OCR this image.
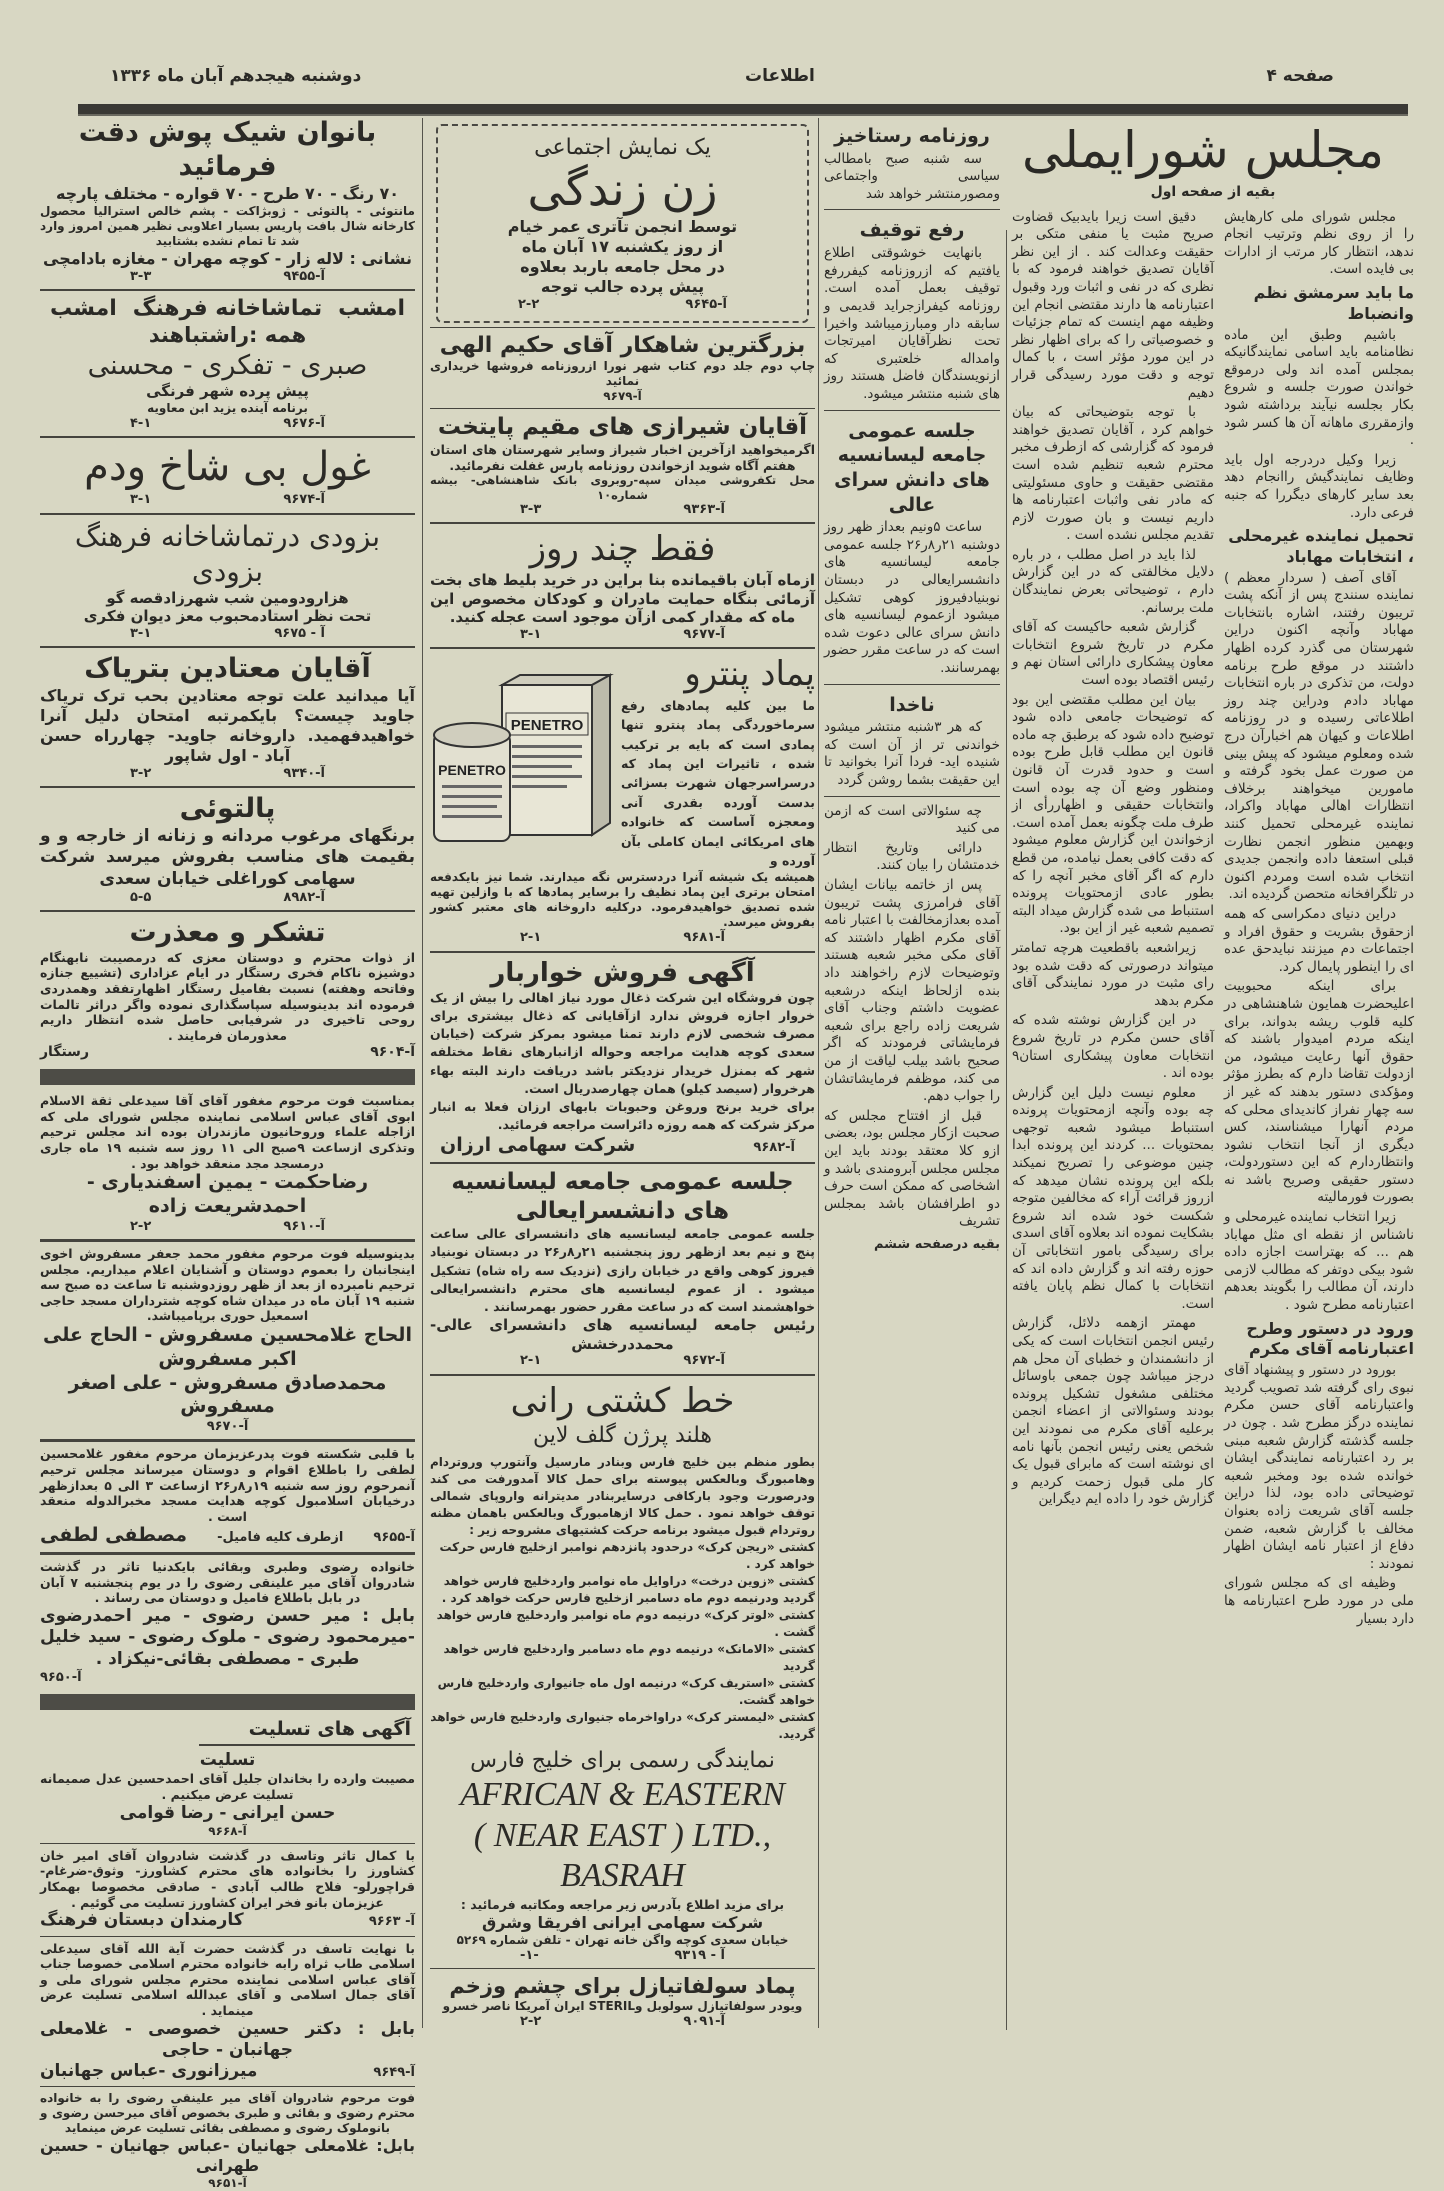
صفحه ۴
اطلاعات
دوشنبه هیجدهم آبان ماه ۱۳۳۶
بانوان شیک پوش دقت فرمائید
۷۰ رنگ - ۷۰ طرح - ۷۰ قواره - مختلف پارچه
مانتوئی - پالتوئی - ژوبژاکت - پشم خالص استرالیا محصول کارخانه شال بافت پاریس بسیار اعلاوبی نظیر همین امروز وارد شد تا تمام نشده بشتابید
نشانی : لاله زار - کوچه مهران - مغازه بادامچی
۳-۳	آ-۹۴۵۵
امشب
تماشاخانه فرهنگ
امشب
همه :راشتباهند
صبری - تفکری - محسنی
پیش پرده شهر فرنگی
برنامه آینده یزید ابن معاویه
۴-۱	آ-۹۶۷۶
غول بی شاخ ودم
۳-۱	آ-۹۶۷۴
بزودی درتماشاخانه فرهنگ بزودی
هزارودومین شب شهرزادقصه گو
تحت نظر استادمحبوب معز دیوان فکری
۳-۱	آ - ۹۶۷۵
آقایان معتادین بتریاک
آیا میدانید علت توجه معتادین بحب ترک تریاک جاوید چیست؟ بایکمرتبه امتحان دلیل آنرا خواهیدفهمید. داروخانه جاوید- چهارراه حسن آباد - اول شاپور
۳-۲	آ-۹۳۴۰
پالتوئی
برنگهای مرغوب مردانه و زنانه از خارجه و و بقیمت های مناسب بفروش میرسد شرکت سهامی کوراغلی خیابان سعدی
۵-۵	آ-۸۹۸۲
تشکر و معذرت
از ذوات محترم و دوستان معزی که درمصیبت نابهنگام دوشیزه ناکام فخری رستگار در ایام عزاداری (تشییع جنازه وفاتحه وهفته) نسبت بفامیل رستگار اظهارتفقد وهمدردی فرموده اند بدینوسیله سپاسگذاری نموده واگر دراثر تالمات روحی تاخیری در شرفیابی حاصل شده انتظار داریم معذورمان فرمایند .
آ-۹۶۰۴
رستگار
بمناسبت فوت مرحوم مغفور آقای آقا سیدعلی ثقة الاسلام ابوی آقای عباس اسلامی نماینده مجلس شورای ملی که ازاجله علماء وروحانیون مازندران بوده اند مجلس ترحیم وتذکری ازساعت ۹صبح الی ۱۱ روز سه شنبه ۱۹ ماه جاری درمسجد مجد منعقد خواهد بود .
رضاحکمت - یمین اسفندیاری - احمدشریعت زاده
۲-۲	آ-۹۶۱۰
بدینوسیله فوت مرحوم مغفور محمد جعفر مسفروش اخوی اینجانبان را بعموم دوستان و آشنایان اعلام میداریم. مجلس ترحیم نامبرده از بعد از ظهر روزدوشنبه تا ساعت ده صبح سه شنبه ۱۹ آبان ماه در میدان شاه کوچه شترداران مسجد حاجی اسمعیل حوری برپامیباشد.
الحاج غلامحسین مسفروش - الحاج علی اکبر مسفروش
محمدصادق مسفروش - علی اصغر مسفروش
آ-۹۶۷۰
با قلبی شکسته فوت پدرعزیزمان مرحوم مغفور غلامحسین لطفی را باطلاع اقوام و دوستان میرساند مجلس ترحیم آنمرحوم روز سه شنبه ۱۹ر۸ر۲۶ ازساعت ۳ الی ۵ بعدازظهر درخیابان اسلامبول کوچه هدایت مسجد مخبرالدوله منعقد است .
آ-۹۶۵۵
ازطرف کلیه فامیل-
مصطفی لطفی
خانواده رضوی وطبری وبقائی بایکدنیا تاثر در گذشت شادروان آقای میر علینقی رضوی را در یوم پنجشنبه ۷ آبان در بابل باطلاع فامیل و دوستان می رساند .
بابل : میر حسن رضوی - میر احمدرضوی -میرمحمود رضوی - ملوک رضوی - سید خلیل طبری - مصطفی بقائی-نیکزاد .
آ-۹۶۵۰
آگهی های تسلیت
تسلیت
مصیبت وارده را بخاندان جلیل آقای احمدحسین عدل صمیمانه تسلیت عرض میکنیم .
حسن ایرانی - رضا قوامی
آ-۹۶۶۸
با کمال تاثر وتاسف در گذشت شادروان آقای امیر خان کشاورز را بخانواده های محترم کشاورز- وثوق-ضرغام- قراچورلو- فلاح طالب آبادی - صادقی مخصوصا بهمکار عزیزمان بانو فخر ایران کشاورز تسلیت می گوئیم .
آ- ۹۶۶۳
کارمندان دبستان فرهنگ
با نهایت تاسف در گذشت حضرت آیة الله آقای سیدعلی اسلامی طاب ثراه رابه خانواده محترم اسلامی خصوصا جناب آقای عباس اسلامی نماینده محترم مجلس شورای ملی و آقای جمال اسلامی و آقای عبدالله اسلامی تسلیت عرض مینماید .
بابل : دکتر حسین خصوصی - غلامعلی جهانبان - حاجی
آ-۹۶۴۹
میرزانوری -عباس جهانبان
فوت مرحوم شادروان آقای میر علینقی رضوی را به خانواده محترم رضوی و بقائی و طبری بخصوص آقای میرحسن رضوی و بانوملوک رضوی و مصطفی بقائی تسلیت عرض مینماید
بابل: غلامعلی جهانیان -عباس جهانیان - حسین طهرانی
آ-۹۶۵۱
یک نمایش اجتماعی
زن زندگی
توسط انجمن تآتری عمر خیام
از روز یکشنبه ۱۷ آبان ماه
در محل جامعه باربد بعلاوه
پیش پرده جالب توجه
۲-۲	آ-۹۶۴۵
بزرگترین شاهکار آقای حکیم الهی
چاپ دوم جلد دوم کتاب شهر نورا ازروزنامه فروشها خریداری نمائید
آ-۹۶۷۹
آقایان شیرازی های مقیم پایتخت
اگرمیخواهید ازآخرین اخبار شیراز وسایر شهرستان های استان هفتم آگاه شوید ازخواندن روزنامه پارس غفلت نفرمائید.
محل تکفروشی میدان سپه-روبروی بانک شاهنشاهی- بیشه شماره۱۰
۳-۳	آ-۹۳۶۳
فقط چند روز
ازماه آبان باقیمانده بنا براین در خرید بلیط های بخت آزمائی بنگاه حمایت مادران و کودکان مخصوص این ماه که مقدار کمی ازآن موجود است عجله کنید.
۳-۱	آ-۹۶۷۷
پماد پنترو
ما بین کلیه پمادهای رفع سرماخوردگی پماد پنترو تنها پمادی است که بایه بر ترکیب شده ، تاثیرات این پماد که درسراسرجهان شهرت بسزائی بدست آورده بقدری آنی ومعجزه آساست که خانواده های امریکائی ایمان کاملی بآن آورده و
PENETRO
PENETRO
همیشه یک شیشه آنرا دردسترس نگه میدارند. شما نیز بایکدفعه امتحان برتری این پماد نظیف را برسایر پمادها که با وازلین تهیه شده تصدیق خواهیدفرمود. درکلیه داروخانه های معتبر کشور بفروش میرسد.
۲-۱	آ-۹۶۸۱
آگهی فروش خواربار
چون فروشگاه این شرکت ذغال مورد نیاز اهالی را بیش از یک خروار اجازه فروش ندارد ازآقایانی که ذغال بیشتری برای مصرف شخصی لازم دارند تمنا میشود بمرکز شرکت (خیابان سعدی کوچه هدایت مراجعه وحواله ازانبارهای نقاط مختلفه شهر که بمنزل خریدار نزدیکتر باشد دریافت دارند البته بهاء هرخروار (سیصد کیلو) همان چهارصدریال است.
برای خرید برنج وروغن وحبوبات بابهای ارزان فعلا به انبار مرکز شرکت که همه روزه دائراست مراجعه فرمائید.
آ-۹۶۸۲
شرکت سهامی ارزان
جلسه عمومی جامعه لیسانسیه های دانشسرایعالی
جلسه عمومی جامعه لیسانسیه های دانشسرای عالی ساعت پنج و نیم بعد ازظهر روز پنجشنبه ۲۱ر۸ر۲۶ در دبستان نوبنیاد فیروز کوهی واقع در خیابان رازی (نزدیک سه راه شاه) تشکیل میشود . از عموم لیسانسیه های محترم دانشسرایعالی خواهشمند است که در ساعت مقرر حضور بهمرسانند .
رئیس جامعه لیسانسیه های دانشسرای عالی-محمددرخشش
۲-۱	آ-۹۶۷۲
خط کشتی رانی
هلند پرژن گلف لاین
بطور منظم بین خلیج فارس وبنادر مارسیل وآنتورپ وروتردام وهامبورگ وبالعکس پیوسته برای حمل کالا آمدورفت می کند ودرصورت وجود بارکافی درسایربنادر مدیترانه واروپای شمالی توقف خواهد نمود . حمل کالا ازهامبورگ وبالعکس باهمان مظنه روتردام قبول میشود برنامه حرکت کشتیهای مشروحه زیر :
کشتی «ریجن کرک» درحدود پانزدهم نوامبر ازخلیج فارس حرکت خواهد کرد .
کشتی «زوین درخت» دراوایل ماه نوامبر واردخلیج فارس خواهد گردید ودرنیمه دوم ماه دسامبر ازخلیج فارس حرکت خواهد کرد .
کشتی «لوتر کرک» درنیمه دوم ماه نوامبر واردخلیج فارس خواهد گشت .
کشتی «الامانک» درنیمه دوم ماه دسامبر واردخلیج فارس خواهد گردید
کشتی «استریف کرک» درنیمه اول ماه جانیواری واردخلیج فارس خواهد گشت.
کشتی «لیمستر کرک» دراواخرماه جنیواری واردخلیج فارس خواهد گردید.
نمایندگی رسمی برای خلیج فارس
AFRICAN & EASTERN
( NEAR EAST ) LTD.,
BASRAH
برای مزید اطلاع بآدرس زیر مراجعه ومکاتبه فرمائید :
شرکت سهامی ایرانی افریقا وشرق
خیابان سعدی کوچه واگن خانه تهران - تلفن شماره ۵۲۶۹
-۱-	آ - ۹۳۱۹
پماد سولفاتیازل برای چشم وزخم
ویودر سولفاتیازل سولوبل وSTERIL ایران آمریکا ناصر خسرو
۲-۲	آ-۹۰۹۱

روزنامه رستاخیز

سه شنبه صبح بامطالب سیاسی واجتماعی ومصورمنتشر خواهد شد

رفع توقیف

بانهایت خوشوقتی اطلاع یافتیم که ازروزنامه کیفررفع توقیف بعمل آمده است. روزنامه کیفرازجراید قدیمی و سابقه دار ومبارزمیباشد واخیرا تحت نظرآقایان امیرتجات وامداله خلعتبری که ازنویسندگان فاضل هستند روز های شنبه منتشر میشود.

جلسه عمومی جامعه لیسانسیه های دانش سرای عالی

ساعت ۵ونیم بعداز ظهر روز دوشنبه ۲۱ر۸ر۲۶ جلسه عمومی جامعه لیسانسیه های دانشسرایعالی در دبستان نوبنیادفیروز کوهی تشکیل میشود ازعموم لیسانسیه های دانش سرای عالی دعوت شده است که در ساعت مقرر حضور بهمرسانند.

ناخدا

که هر ۳شنبه منتشر میشود خواندنی تر از آن است که شنیده اید- فردا آنرا بخوانید تا این حقیقت بشما روشن گردد

چه سئوالاتی است که ازمن می کنید

دارائی وتاریخ انتظار خدمتشان را بیان کنند.

پس از خاتمه بیانات ایشان آقای فرامرزی پشت تریبون آمده بعدازمخالفت با اعتبار نامه آقای مکرم اظهار داشتند که آقای مکی مخبر شعبه هستند وتوضیحات لازم راخواهند داد بنده ازلحاظ اینکه درشعبه عضویت داشتم وجناب آقای شریعت زاده راجع برای شعبه فرمایشاتی فرمودند که اگر صحیح باشد بیلب لیاقت از من می کند، موظفم فرمایشاتشان را جواب دهم.

قبل از افتتاح مجلس که صحبت ازکار مجلس بود، بعضی ازو کلا معتقد بودند باید این مجلس مجلس آبرومندی باشد و اشخاصی که ممکن است حرف دو اطرافشان باشد بمجلس تشریف

بقیه درصفحه ششم

مجلس شورایملی
بقیه از صفحه اول

مجلس شورای ملی کارهایش را از روی نظم وترتیب انجام ندهد، انتظار کار مرتب از ادارات بی فایده است.

ما باید سرمشق نظم وانضباط

باشیم وطبق این ماده نظامنامه باید اسامی نمایندگانیکه بمجلس آمده اند ولی درموقع خواندن صورت جلسه و شروع بکار بجلسه نیآیند برداشته شود وازمقرری ماهانه آن ها کسر شود .

زیرا وکیل دردرجه اول باید وظایف نمایندگیش راانجام دهد بعد سایر کارهای دیگررا که جنبه فرعی دارد.

تحمیل نماینده غیرمحلی ، انتخابات مهاباد

آقای آصف ( سردار معظم ) نماینده سنندج پس از آنکه پشت تریبون رفتند، اشاره بانتخابات مهاباد وآنچه اکنون دراین شهرستان می گذرد کرده اظهار داشتند در موقع طرح برنامه دولت، من تذکری در باره انتخابات مهاباد دادم ودراین چند روز اطلاعاتی رسیده و در روزنامه اطلاعات و کیهان هم اخبارآن درج شده ومعلوم میشود که پیش بینی من صورت عمل بخود گرفته و مامورین میخواهند برخلاف انتظارات اهالی مهاباد واکراد، نماینده غیرمحلی تحمیل کنند وبهمین منظور انجمن نظارت قبلی استعفا داده وانجمن جدیدی انتخاب شده است ومردم اکنون در تلگرافخانه متحصن گردیده اند.

دراین دنیای دمکراسی که همه ازحقوق بشریت و حقوق افراد و اجتماعات دم میزنند نبایدحق عده ای را اینطور پایمال کرد.

برای اینکه محبوبیت اعلیحضرت همایون شاهنشاهی در کلیه قلوب ریشه بدواند، برای اینکه مردم امیدوار باشند که حقوق آنها رعایت میشود، من ازدولت تقاضا دارم که بطرز مؤثر ومؤکدی دستور بدهند که غیر از سه چهار نفراز کاندیدای محلی که مردم آنهارا میشناسند، کس دیگری از آنجا انتخاب نشود وانتظاردارم که این دستوردولت، دستور حقیقی وصریح باشد نه بصورت فورمالیته

زیرا انتخاب نماینده غیرمحلی و ناشناس از نقطه ای مثل مهاباد هم ... که بهتراست اجازه داده شود بیکی دوتفر که مطالب لازمی دارند، آن مطالب را بگویند بعدهم اعتبارنامه مطرح شود .

ورود در دستور وطرح اعتبارنامه آقای مکرم

بورود در دستور و پیشنهاد آقای نبوی رای گرفته شد تصویب گردید واعتبارنامه آقای حسن مکرم نماینده درگز مطرح شد . چون در جلسه گذشته گزارش شعبه مبنی بر رد اعتبارنامه نمایندگی ایشان خوانده شده بود ومخبر شعبه توضیحاتی داده بود، لذا دراین جلسه آقای شریعت زاده بعنوان مخالف با گزارش شعبه، ضمن دفاع از اعتبار نامه ایشان اظهار نمودند :

وظیفه ای که مجلس شورای ملی در مورد طرح اعتبارنامه ها دارد بسیار

دقیق است زیرا بایدبیک قضاوت صریح مثبت یا منفی متکی بر حقیقت وعدالت کند . از این نظر آقایان تصدیق خواهند فرمود که با نظری که در نفی و اثبات ورد وقبول اعتبارنامه ها دارند مقتضی انجام این وظیفه مهم اینست که تمام جزئیات و خصوصیاتی را که برای اظهار نظر در این مورد مؤثر است ، با کمال توجه و دقت مورد رسیدگی قرار دهیم

با توجه بتوضیحاتی که بیان خواهم کرد ، آقایان تصدیق خواهند فرمود که گزارشی که ازطرف مخبر محترم شعبه تنظیم شده است مقتضی حقیقت و حاوی مسئولیتی که مادر نفی واثبات اعتبارنامه ها داریم نیست و بان صورت لازم تقدیم مجلس نشده است .

لذا باید در اصل مطلب ، در باره دلایل مخالفتی که در این گزارش دارم ، توضیحاتی بعرض نمایندگان ملت برسانم.

گزارش شعبه حاکیست که آقای مکرم در تاریخ شروع انتخابات معاون پیشکاری دارائی استان نهم و رئیس اقتصاد بوده است

بیان این مطلب مقتضی این بود که توضیحات جامعی داده شود توضیح داده شود که برطبق چه ماده قانون این مطلب قابل طرح بوده است و حدود قدرت آن قانون ومنظور وضع آن چه بوده است وانتخابات حقیقی و اظهاررأی از طرف ملت چگونه بعمل آمده است. ازخواندن این گزارش معلوم میشود که دقت کافی بعمل نیامده، من قطع دارم که اگر آقای مخبر آنچه را که بطور عادی ازمحتویات پرونده استنباط می شده گزارش میداد البته تصمیم شعبه غیر از این بود.

زیراشعبه باقطعیت هرچه تمامتر میتواند درصورتی که دقت شده بود رای مثبت در مورد نمایندگی آقای مکرم بدهد

در این گزارش نوشته شده که آقای حسن مکرم در تاریخ شروع انتخابات معاون پیشکاری استان۹ بوده اند .

معلوم نیست دلیل این گزارش چه بوده وآنچه ازمحتویات پرونده استنباط میشود شعبه توجهی بمحتویات ... کردند این پرونده ابدا چنین موضوعی را تصریح نمیکند بلکه این پرونده نشان میدهد که ازروز قرائت آراء که مخالفین متوجه شکست خود شده اند شروع بشکایت نموده اند بعلاوه آقای اسدی برای رسیدگی بامور انتخاباتی آن حوزه رفته اند و گزارش داده اند که انتخابات با کمال نظم پایان یافته است.

مهمتر ازهمه دلائل، گزارش رئیس انجمن انتخابات است که یکی از دانشمندان و خطبای آن محل هم درجز میباشد چون جمعی باوسائل مختلفی مشغول تشکیل پرونده بودند وسئوالاتی از اعضاء انجمن برعلیه آقای مکرم می نمودند این شخص یعنی رئیس انجمن بآنها نامه ای نوشته است که مابرای قبول یک کار ملی قبول زحمت کردیم و گزارش خود را داده ایم دیگراین
